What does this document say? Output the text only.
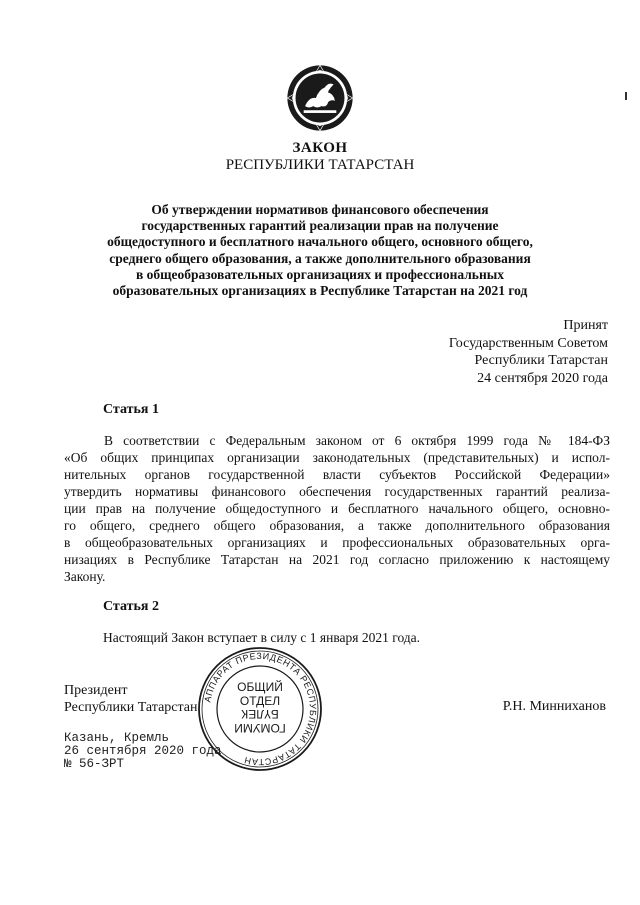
ЗАКОН
РЕСПУБЛИКИ ТАТАРСТАН
Об утверждении нормативов финансового обеспечения
государственных гарантий реализации прав на получение
общедоступного и бесплатного начального общего, основного общего,
среднего общего образования, а также дополнительного образования
в общеобразовательных организациях и профессиональных
образовательных организациях в Республике Татарстан на 2021 год
Принят
Государственным Советом
Республики Татарстан
24 сентября 2020 года
Статья 1
В соответствии с Федеральным законом от 6 октября 1999 года № 184-ФЗ
«Об общих принципах организации законодательных (представительных) и испол-
нительных органов государственной власти субъектов Российской Федерации»
утвердить нормативы финансового обеспечения государственных гарантий реализа-
ции прав на получение общедоступного и бесплатного начального общего, основно-
го общего, среднего общего образования, а также дополнительного образования
в общеобразовательных организациях и профессиональных образовательных орга-
низациях в Республике Татарстан на 2021 год согласно приложению к настоящему
Закону.
Статья 2
Настоящий Закон вступает в силу с 1 января 2021 года.
Президент
Республики Татарстан	Р.Н. Минниханов
Казань, Кремль
26 сентября 2020 года
№ 56-ЗРТ
АППАРАТ ПРЕЗИДЕНТА РЕСПУБЛИКИ ТАТАРСТАН
ОБЩИЙ
ОТДЕЛ
ГОМУМИ
БҮЛЕК
